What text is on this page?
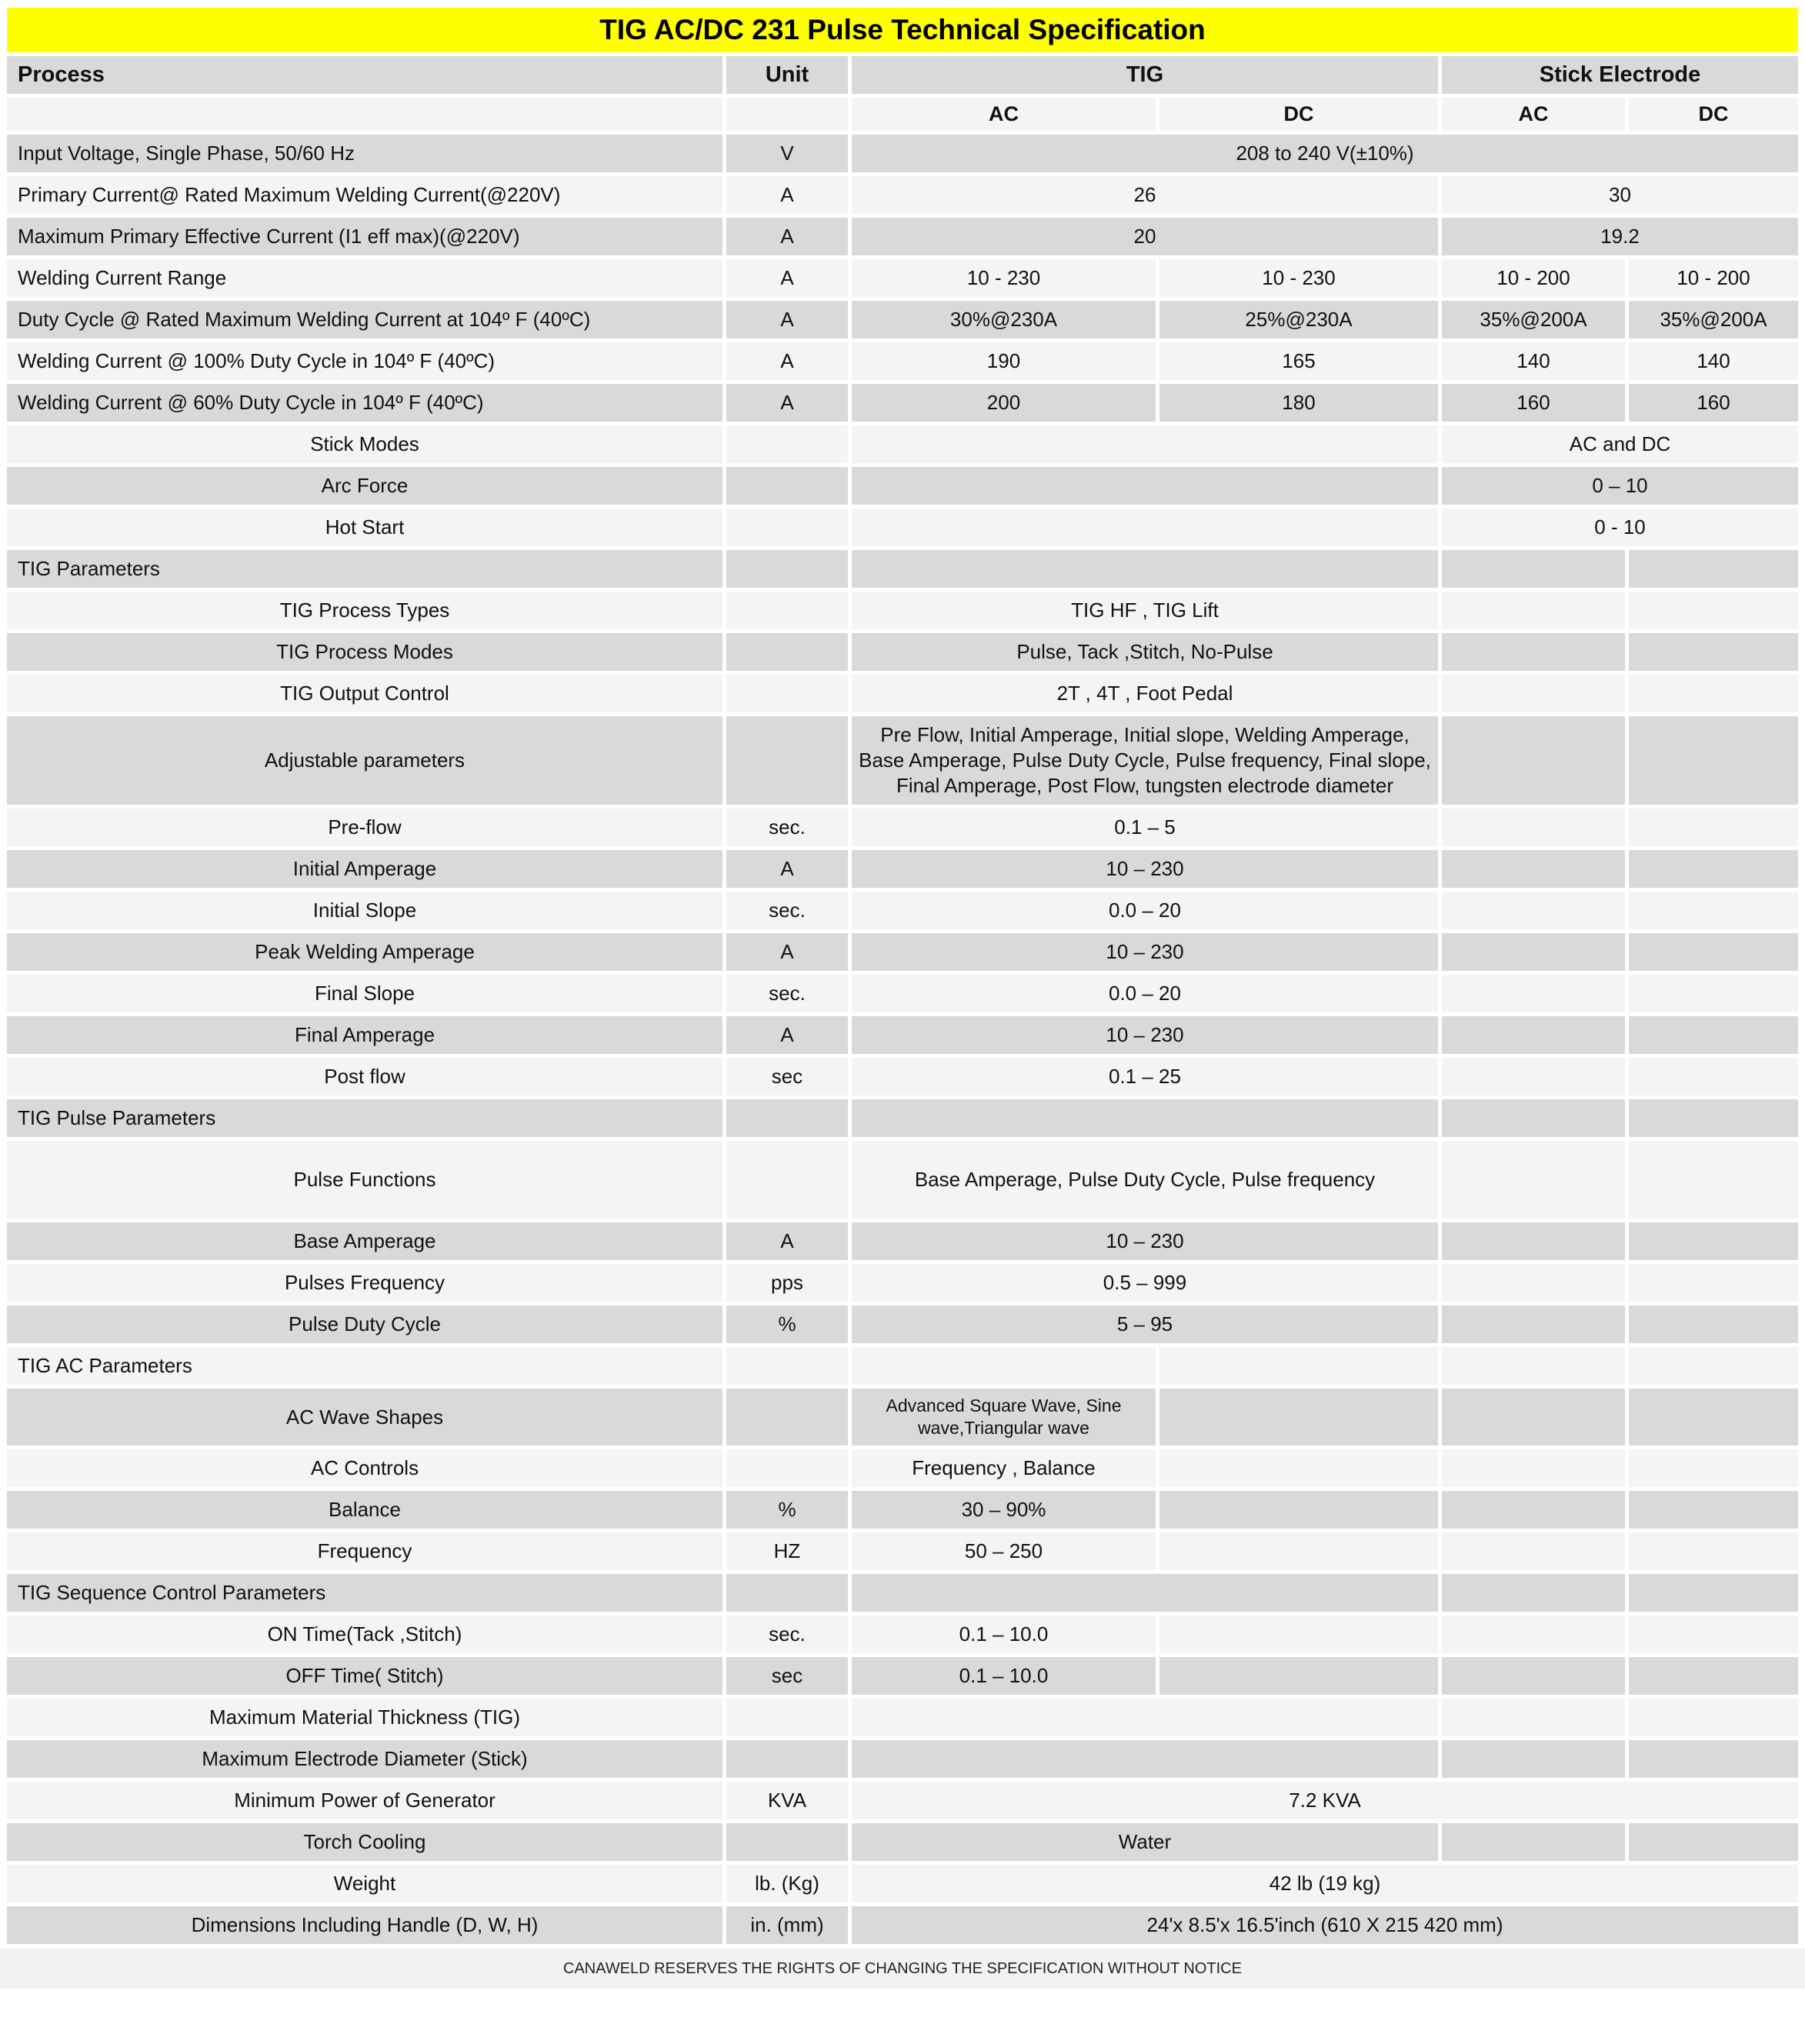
TIG AC/DC 231 Pulse Technical Specification					
Process	Unit	TIG		Stick Electrode	
		AC	DC	AC	DC
Input Voltage, Single Phase, 50/60 Hz	V	208 to 240 V(±10%)			
Primary Current@ Rated Maximum Welding Current(@220V)	A	26		30	
Maximum Primary Effective Current (I1 eff max)(@220V)	A	20		19.2	
Welding Current Range	A	10 - 230	10 - 230	10 - 200	10 - 200
Duty Cycle @ Rated Maximum Welding Current at 104º F (40ºC)	A	30%@230A	25%@230A	35%@200A	35%@200A
Welding Current @ 100% Duty Cycle in 104º F (40ºC)	A	190	165	140	140
Welding Current @ 60% Duty Cycle in 104º F (40ºC)	A	200	180	160	160
Stick Modes				AC and DC	
Arc Force				0 – 10	
Hot Start				0 - 10	
TIG Parameters					
TIG Process Types		TIG HF , TIG Lift			
TIG Process Modes		Pulse, Tack ,Stitch, No-Pulse			
TIG Output Control		2T , 4T , Foot Pedal			
Adjustable parameters		Pre Flow, Initial Amperage, Initial slope, Welding Amperage, Base Amperage, Pulse Duty Cycle, Pulse frequency, Final slope, Final Amperage, Post Flow, tungsten electrode diameter			
Pre-flow	sec.	0.1 – 5			
Initial Amperage	A	10 – 230			
Initial Slope	sec.	0.0 – 20			
Peak Welding Amperage	A	10 – 230			
Final Slope	sec.	0.0 – 20			
Final Amperage	A	10 – 230			
Post flow	sec	0.1 – 25			
TIG Pulse Parameters					
Pulse Functions		Base Amperage, Pulse Duty Cycle, Pulse frequency			
Base Amperage	A	10 – 230			
Pulses Frequency	pps	0.5 – 999			
Pulse Duty Cycle	%	5 – 95			
TIG AC Parameters					
AC Wave Shapes		Advanced Square Wave, Sine wave,Triangular wave			
AC Controls		Frequency , Balance			
Balance	%	30 – 90%			
Frequency	HZ	50 – 250			
TIG Sequence Control Parameters					
ON Time(Tack ,Stitch)	sec.	0.1 – 10.0			
OFF Time( Stitch)	sec	0.1 – 10.0			
Maximum Material Thickness (TIG)					
Maximum Electrode Diameter (Stick)					
Minimum Power of Generator	KVA	7.2 KVA			
Torch Cooling		Water			
Weight	lb. (Kg)	42 lb (19 kg)			
Dimensions Including Handle (D, W, H)	in. (mm)	24'x 8.5'x 16.5'inch (610 X 215 420 mm)			
CANAWELD RESERVES THE RIGHTS OF CHANGING THE SPECIFICATION WITHOUT NOTICE
